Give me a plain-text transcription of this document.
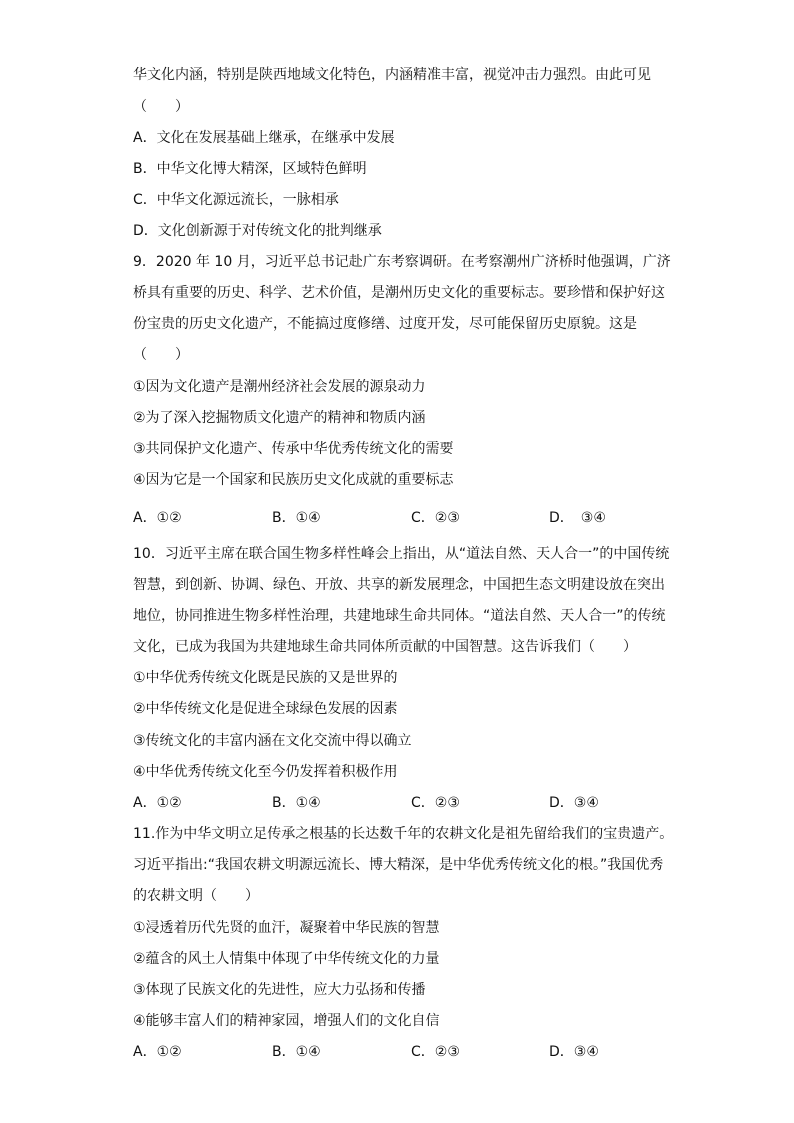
华文化内涵，特别是陕西地域文化特色，内涵精准丰富，视觉冲击力强烈。由此可见
（　　）
A．文化在发展基础上继承，在继承中发展
B．中华文化博大精深，区域特色鲜明
C．中华文化源远流长，一脉相承
D．文化创新源于对传统文化的批判继承
9．2020 年 10 月，习近平总书记赴广东考察调研。在考察潮州广济桥时他强调，广济
桥具有重要的历史、科学、艺术价值，是潮州历史文化的重要标志。要珍惜和保护好这
份宝贵的历史文化遗产，不能搞过度修缮、过度开发，尽可能保留历史原貌。这是
（　　）
①因为文化遗产是潮州经济社会发展的源泉动力
②为了深入挖掘物质文化遗产的精神和物质内涵
③共同保护文化遗产、传承中华优秀传统文化的需要
④因为它是一个国家和民族历史文化成就的重要标志
A．①②	B．①④	C．②③	D．　③④
10．习近平主席在联合国生物多样性峰会上指出，从“道法自然、天人合一”的中国传统
智慧，到创新、协调、绿色、开放、共享的新发展理念，中国把生态文明建设放在突出
地位，协同推进生物多样性治理，共建地球生命共同体。“道法自然、天人合一”的传统
文化，已成为我国为共建地球生命共同体所贡献的中国智慧。这告诉我们（　　）
①中华优秀传统文化既是民族的又是世界的
②中华传统文化是促进全球绿色发展的因素
③传统文化的丰富内涵在文化交流中得以确立
④中华优秀传统文化至今仍发挥着积极作用
A．①②	B．①④	C．②③	D．③④
11.作为中华文明立足传承之根基的长达数千年的农耕文化是祖先留给我们的宝贵遗产。
习近平指出:“我国农耕文明源远流长、博大精深，是中华优秀传统文化的根。”我国优秀
的农耕文明（　　）
①浸透着历代先贤的血汗，凝聚着中华民族的智慧
②蕴含的风土人情集中体现了中华传统文化的力量
③体现了民族文化的先进性，应大力弘扬和传播
④能够丰富人们的精神家园，增强人们的文化自信
A．①②	B．①④	C．②③	D．③④
